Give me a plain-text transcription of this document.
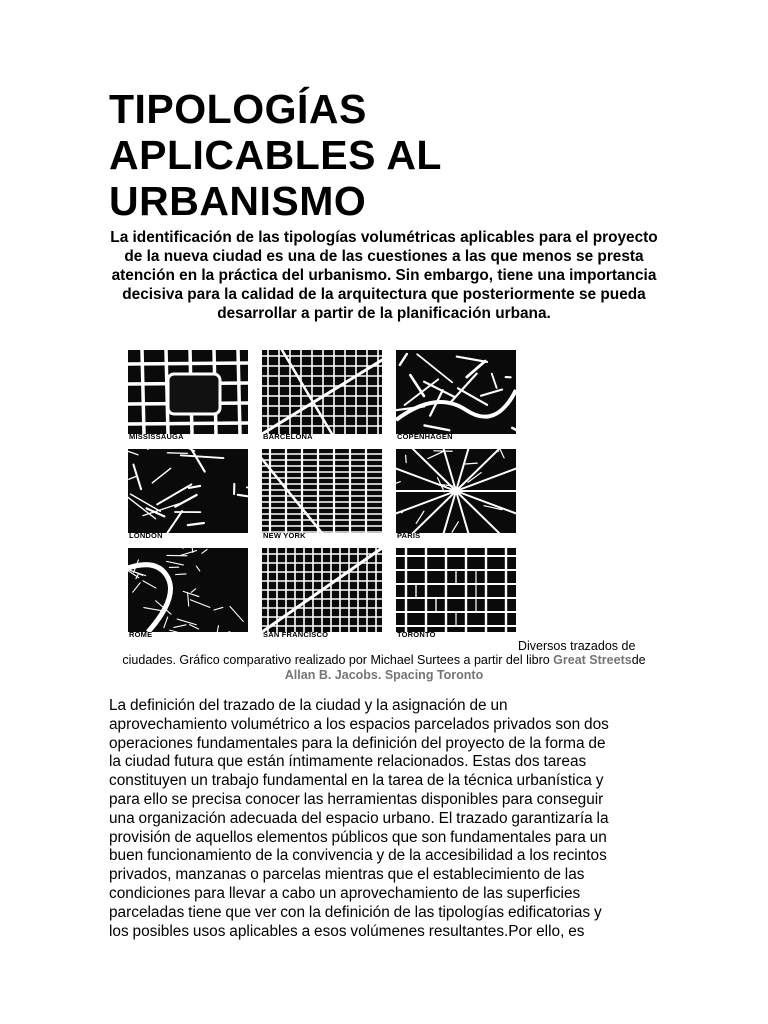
TIPOLOGÍAS
APLICABLES AL
URBANISMO

La identificación de las tipologías volumétricas aplicables para el proyecto de la nueva ciudad es una de las cuestiones a las que menos se presta atención en la práctica del urbanismo. Sin embargo, tiene una importancia decisiva para la calidad de la arquitectura que posteriormente se pueda desarrollar a partir de la planificación urbana.

MISSISSAUGA	BARCELONA	COPENHAGEN
LONDON	NEW YORK	PARIS
ROME	SAN FRANCISCO	TORONTO
Diversos trazados de
ciudades. Gráfico comparativo realizado por Michael Surtees a partir del libro Great Streetsde Allan B. Jacobs. Spacing Toronto

La definición del trazado de la ciudad y la asignación de un
aprovechamiento volumétrico a los espacios parcelados privados son dos
operaciones fundamentales para la definición del proyecto de la forma de
la ciudad futura que están íntimamente relacionados. Estas dos tareas
constituyen un trabajo fundamental en la tarea de la técnica urbanística y
para ello se precisa conocer las herramientas disponibles para conseguir
una organización adecuada del espacio urbano. El trazado garantizaría la
provisión de aquellos elementos públicos que son fundamentales para un
buen funcionamiento de la convivencia y de la accesibilidad a los recintos
privados, manzanas o parcelas mientras que el establecimiento de las
condiciones para llevar a cabo un aprovechamiento de las superficies
parceladas tiene que ver con la definición de las tipologías edificatorias y
los posibles usos aplicables a esos volúmenes resultantes.Por ello, es
